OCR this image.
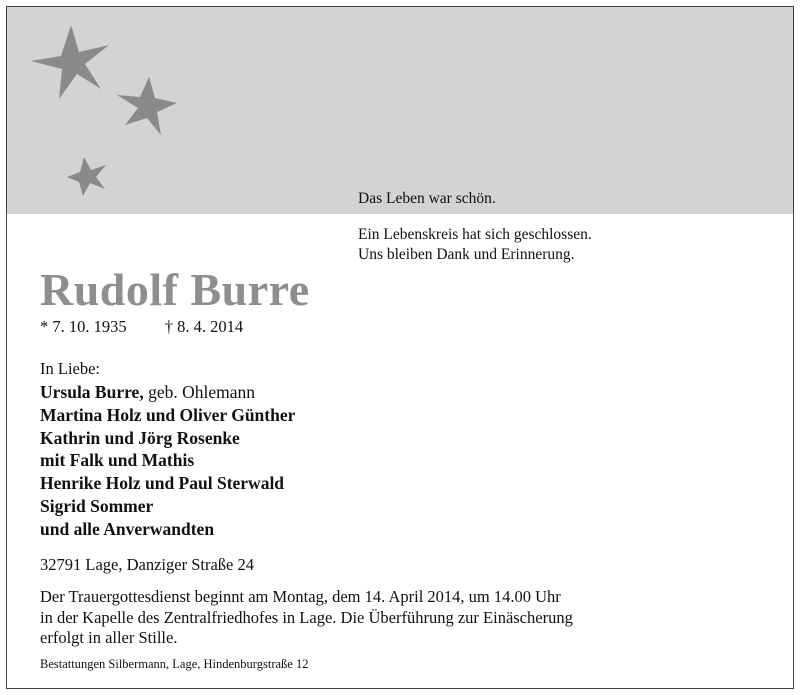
Das Leben war schön.
Ein Lebenskreis hat sich geschlossen.
Uns bleiben Dank und Erinnerung.
Rudolf Burre
* 7. 10. 1935 † 8. 4. 2014
In Liebe:
Ursula Burre, geb. Ohlemann
Martina Holz und Oliver Günther
Kathrin und Jörg Rosenke
mit Falk und Mathis
Henrike Holz und Paul Sterwald
Sigrid Sommer
und alle Anverwandten
32791 Lage, Danziger Straße 24
Der Trauergottesdienst beginnt am Montag, dem 14. April 2014, um 14.00 Uhr
in der Kapelle des Zentralfriedhofes in Lage. Die Überführung zur Einäscherung
erfolgt in aller Stille.
Bestattungen Silbermann, Lage, Hindenburgstraße 12
